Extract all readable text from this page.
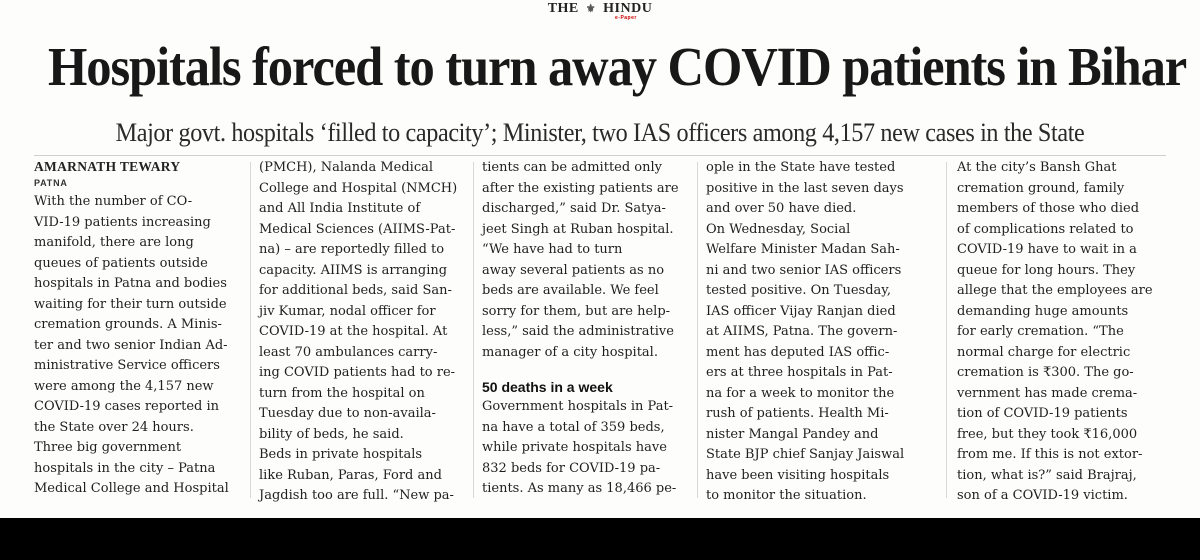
THE ⚜ HINDU
e-Paper
Hospitals forced to turn away COVID patients in Bihar
Major govt. hospitals ‘filled to capacity’; Minister, two IAS officers among 4,157 new cases in the State
AMARNATH TEWARY
PATNA
With the number of CO-
VID-19 patients increasing
manifold, there are long
queues of patients outside
hospitals in Patna and bodies
waiting for their turn outside
cremation grounds. A Minis-
ter and two senior Indian Ad-
ministrative Service officers
were among the 4,157 new
COVID-19 cases reported in
the State over 24 hours.
Three big government
hospitals in the city – Patna
Medical College and Hospital
(PMCH), Nalanda Medical
College and Hospital (NMCH)
and All India Institute of
Medical Sciences (AIIMS-Pat-
na) – are reportedly filled to
capacity. AIIMS is arranging
for additional beds, said San-
jiv Kumar, nodal officer for
COVID-19 at the hospital. At
least 70 ambulances carry-
ing COVID patients had to re-
turn from the hospital on
Tuesday due to non-availa-
bility of beds, he said.
Beds in private hospitals
like Ruban, Paras, Ford and
Jagdish too are full. “New pa-
tients can be admitted only
after the existing patients are
discharged,” said Dr. Satya-
jeet Singh at Ruban hospital.
“We have had to turn
away several patients as no
beds are available. We feel
sorry for them, but are help-
less,” said the administrative
manager of a city hospital.
50 deaths in a week
Government hospitals in Pat-
na have a total of 359 beds,
while private hospitals have
832 beds for COVID-19 pa-
tients. As many as 18,466 pe-
ople in the State have tested
positive in the last seven days
and over 50 have died.
On Wednesday, Social
Welfare Minister Madan Sah-
ni and two senior IAS officers
tested positive. On Tuesday,
IAS officer Vijay Ranjan died
at AIIMS, Patna. The govern-
ment has deputed IAS offic-
ers at three hospitals in Pat-
na for a week to monitor the
rush of patients. Health Mi-
nister Mangal Pandey and
State BJP chief Sanjay Jaiswal
have been visiting hospitals
to monitor the situation.
At the city’s Bansh Ghat
cremation ground, family
members of those who died
of complications related to
COVID-19 have to wait in a
queue for long hours. They
allege that the employees are
demanding huge amounts
for early cremation. “The
normal charge for electric
cremation is ₹300. The go-
vernment has made crema-
tion of COVID-19 patients
free, but they took ₹16,000
from me. If this is not extor-
tion, what is?” said Brajraj,
son of a COVID-19 victim.
